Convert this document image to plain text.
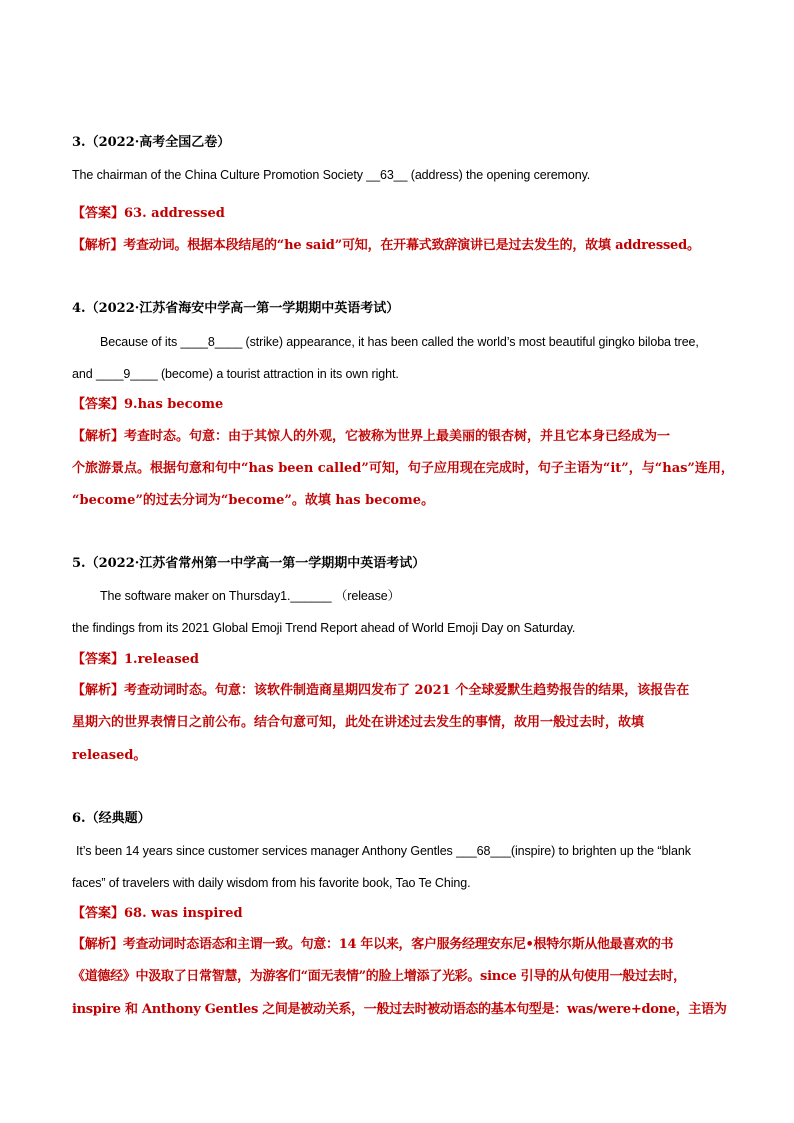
3.（2022·高考全国乙卷）
The chairman of the China Culture Promotion Society __63__ (address) the opening ceremony.
【答案】63. addressed
【解析】考查动词。根据本段结尾的“he said”可知，在开幕式致辞演讲已是过去发生的，故填 addressed。
4.（2022·江苏省海安中学高一第一学期期中英语考试）
Because of its ____8____ (strike) appearance, it has been called the world’s most beautiful gingko biloba tree,
and ____9____ (become) a tourist attraction in its own right.
【答案】9.has become
【解析】考查时态。句意：由于其惊人的外观，它被称为世界上最美丽的银杏树，并且它本身已经成为一
个旅游景点。根据句意和句中“has been called”可知，句子应用现在完成时，句子主语为“it”，与“has”连用，
“become”的过去分词为“become”。故填 has become。
5.（2022·江苏省常州第一中学高一第一学期期中英语考试）
The software maker on Thursday1.______ （release）
the findings from its 2021 Global Emoji Trend Report ahead of World Emoji Day on Saturday.
【答案】1.released
【解析】考查动词时态。句意：该软件制造商星期四发布了 2021 个全球爱默生趋势报告的结果，该报告在
星期六的世界表情日之前公布。结合句意可知，此处在讲述过去发生的事情，故用一般过去时，故填
released。
6.（经典题）
It’s been 14 years since customer services manager Anthony Gentles ___68___(inspire) to brighten up the “blank
faces” of travelers with daily wisdom from his favorite book, Tao Te Ching.
【答案】68. was inspired
【解析】考查动词时态语态和主谓一致。句意：14 年以来，客户服务经理安东尼•根特尔斯从他最喜欢的书
《道德经》中汲取了日常智慧，为游客们“面无表情”的脸上增添了光彩。since 引导的从句使用一般过去时，
inspire 和 Anthony Gentles 之间是被动关系，一般过去时被动语态的基本句型是：was/were+done，主语为
